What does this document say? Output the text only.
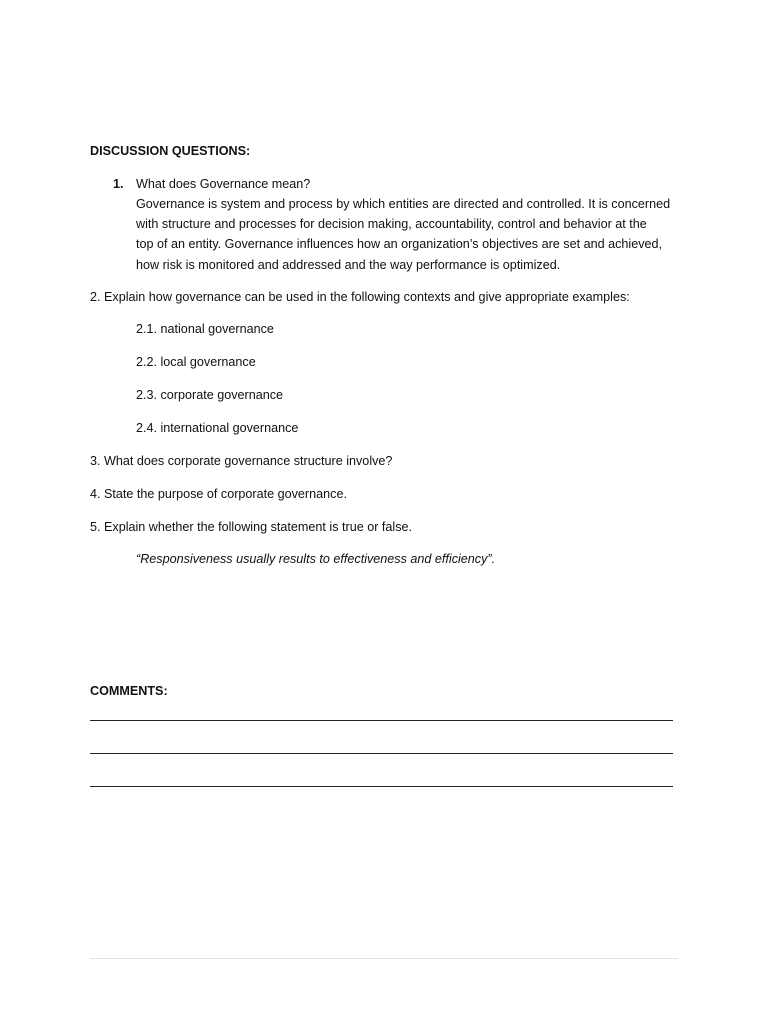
DISCUSSION QUESTIONS:
1. What does Governance mean?
Governance is system and process by which entities are directed and controlled. It is concerned
with structure and processes for decision making, accountability, control and behavior at the
top of an entity. Governance influences how an organization’s objectives are set and achieved,
how risk is monitored and addressed and the way performance is optimized.
2. Explain how governance can be used in the following contexts and give appropriate examples:
2.1. national governance
2.2. local governance
2.3. corporate governance
2.4. international governance
3. What does corporate governance structure involve?
4. State the purpose of corporate governance.
5. Explain whether the following statement is true or false.
“Responsiveness usually results to effectiveness and efficiency”.
COMMENTS:
